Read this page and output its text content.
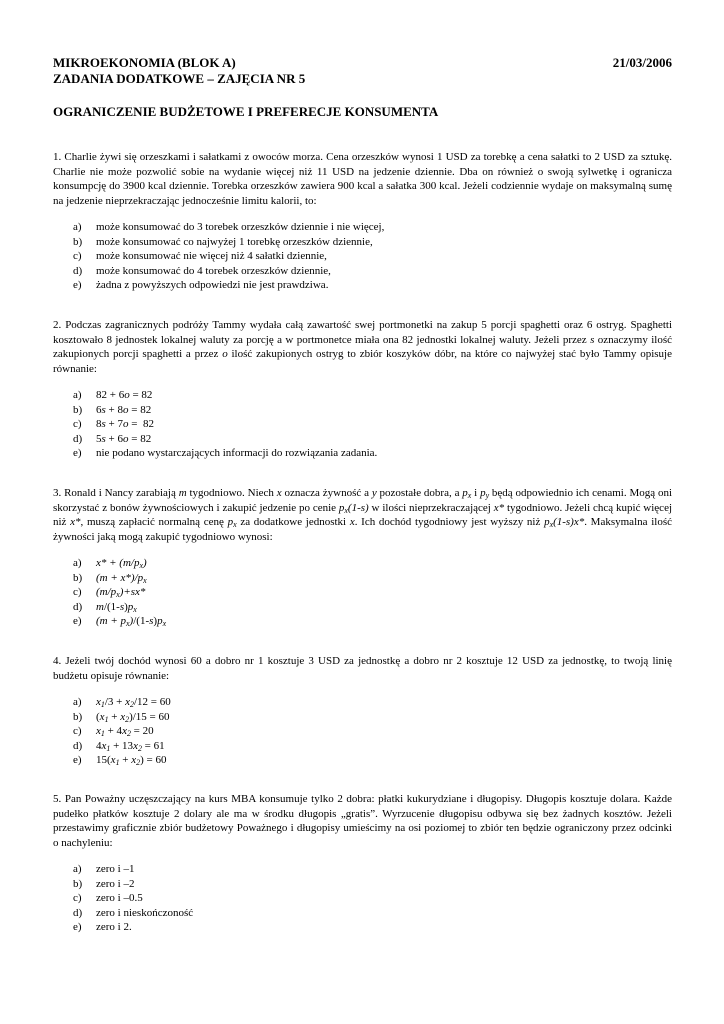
MIKROEKONOMIA (BLOK A)	21/03/2006
ZADANIA DODATKOWE – ZAJĘCIA NR 5
OGRANICZENIE BUDŻETOWE I PREFERECJE KONSUMENTA
1. Charlie żywi się orzeszkami i sałatkami z owoców morza. Cena orzeszków wynosi 1 USD za torebkę a cena sałatki to 2 USD za sztukę. Charlie nie może pozwolić sobie na wydanie więcej niż 11 USD na jedzenie dziennie. Dba on również o swoją sylwetkę i ogranicza konsumpcję do 3900 kcal dziennie. Torebka orzeszków zawiera 900 kcal a sałatka 300 kcal. Jeżeli codziennie wydaje on maksymalną sumę na jedzenie nieprzekraczając jednocześnie limitu kalorii, to:
a)	może konsumować do 3 torebek orzeszków dziennie i nie więcej,
b)	może konsumować co najwyżej 1 torebkę orzeszków dziennie,
c)	może konsumować nie więcej niż 4 sałatki dziennie,
d)	może konsumować do 4 torebek orzeszków dziennie,
e)	żadna z powyższych odpowiedzi nie jest prawdziwa.
2. Podczas zagranicznych podróży Tammy wydała całą zawartość swej portmonetki na zakup 5 porcji spaghetti oraz 6 ostryg. Spaghetti kosztowało 8 jednostek lokalnej waluty za porcję a w portmonetce miała ona 82 jednostki lokalnej waluty. Jeżeli przez s oznaczymy ilość zakupionych porcji spaghetti a przez o ilość zakupionych ostryg to zbiór koszyków dóbr, na które co najwyżej stać było Tammy opisuje równanie:
a)	82 + 6o = 82
b)	6s + 8o = 82
c)	8s + 7o =  82
d)	5s + 6o = 82
e)	nie podano wystarczających informacji do rozwiązania zadania.
3. Ronald i Nancy zarabiają m tygodniowo. Niech x oznacza żywność a y pozostałe dobra, a $p_x$ i $p_y$ będą odpowiednio ich cenami. Mogą oni skorzystać z bonów żywnościowych i zakupić jedzenie po cenie $p_x(1-s)$ w ilości nieprzekraczającej x* tygodniowo. Jeżeli chcą kupić więcej niż x*, muszą zapłacić normalną cenę $p_x$ za dodatkowe jednostki x. Ich dochód tygodniowy jest wyższy niż $p_x(1-s)x*$. Maksymalna ilość żywności jaką mogą zakupić tygodniowo wynosi:
a)	$x* + (m/p_x)$
b)	$(m + x*)/p_x$
c)	$(m/p_x)+sx*$
d)	$m/(1-s)p_x$
e)	$(m + p_x)/(1-s)p_x$
4. Jeżeli twój dochód wynosi 60 a dobro nr 1 kosztuje 3 USD za jednostkę a dobro nr 2 kosztuje 12 USD za jednostkę, to twoją linię budżetu opisuje równanie:
a)	$x_1/3 + x_2/12 = 60$
b)	$(x_1 + x_2)/15 = 60$
c)	$x_1 + 4x_2 = 20$
d)	$4x_1 + 13x_2 = 61$
e)	$15(x_1 + x_2) = 60$
5. Pan Poważny uczęszczający na kurs MBA konsumuje tylko 2 dobra: płatki kukurydziane i długopisy. Długopis kosztuje dolara. Każde pudełko płatków kosztuje 2 dolary ale ma w środku długopis „gratis”. Wyrzucenie długopisu odbywa się bez żadnych kosztów. Jeżeli przestawimy graficznie zbiór budżetowy Poważnego i długopisy umieścimy na osi poziomej to zbiór ten będzie ograniczony przez odcinki o nachyleniu:
a)	zero i –1
b)	zero i –2
c)	zero i –0.5
d)	zero i nieskończoność
e)	zero i 2.
